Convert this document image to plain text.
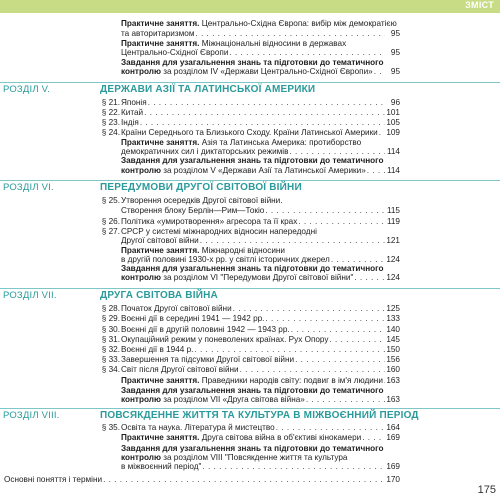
ЗМІСТ
Практичне заняття. Центрально-Східна Європа: вибір між демократією
та авторитаризмом . . .	95
Практичне заняття. Міжнаціональні відносини в державах
Центрально-Східної Європи . . .	95
Завдання для узагальнення знань та підготовки до тематичного
контролю за розділом IV «Держави Центрально-Східної Європи» . . .	95
РОЗДІЛ V.	ДЕРЖАВИ АЗІЇ ТА ЛАТИНСЬКОЇ АМЕРИКИ
§ 21. Японія . . .	96
§ 22. Китай . . .	101
§ 23. Індія . . .	105
§ 24. Країни Середнього та Близького Сходу. Країни Латинської Америки . . . 109
Практичне заняття. Азія та Латинська Америка: протиборство
демократичних сил і диктаторських режимів . . .	114
Завдання для узагальнення знань та підготовки до тематичного
контролю за розділом V «Держави Азії та Латинської Америки» . . .	114
РОЗДІЛ VI.	ПЕРЕДУМОВИ ДРУГОЇ СВІТОВОЇ ВІЙНИ
§ 25. Утворення осередків Другої світової війни.
Створення блоку Берлін—Рим—Токіо . . .	115
§ 26. Політика «умиротворення» агресора та її крах . . .	119
§ 27. СРСР у системі міжнародних відносин напередодні
Другої світової війни . . .	121
Практичне заняття. Міжнародні відносини
в другій половині 1930-х рр. у світлі історичних джерел . . .	124
Завдання для узагальнення знань та підготовки до тематичного
контролю за розділом VI "Передумови Другої світової війни" . . .	124
РОЗДІЛ VII.	ДРУГА СВІТОВА ВІЙНА
§ 28. Початок Другої світової війни . . .	125
§ 29. Воєнні дії в середині 1941 — 1942 рр. . . .	133
§ 30. Воєнні дії в другій половині 1942 — 1943 рр. . . .	140
§ 31. Окупаційний режим у поневолених країнах. Рух Опору . . .	145
§ 32. Воєнні дії в 1944 р. . . .	150
§ 33. Завершення та підсумки Другої світової війни . . .	156
§ 34. Світ після Другої світової війни . . .	160
Практичне заняття. Праведники народів світу: подвиг в ім'я людини . . . 163
Завдання для узагальнення знань та підготовки до тематичного
контролю за розділом VII «Друга світова війна» . . .	163
РОЗДІЛ VIII.	ПОВСЯКДЕННЕ ЖИТТЯ ТА КУЛЬТУРА В МІЖВОЄННИЙ ПЕРІОД
§ 35. Освіта та наука. Література й мистецтво . . .	164
Практичне заняття. Друга світова війна в об'єктиві кінокамери . . .	169
Завдання для узагальнення знань та підготовки до тематичного
контролю за розділом VIII "Повсякденне життя та культура
в міжвоєнний період" . . .	169
Основні поняття і терміни . . .	170
175
